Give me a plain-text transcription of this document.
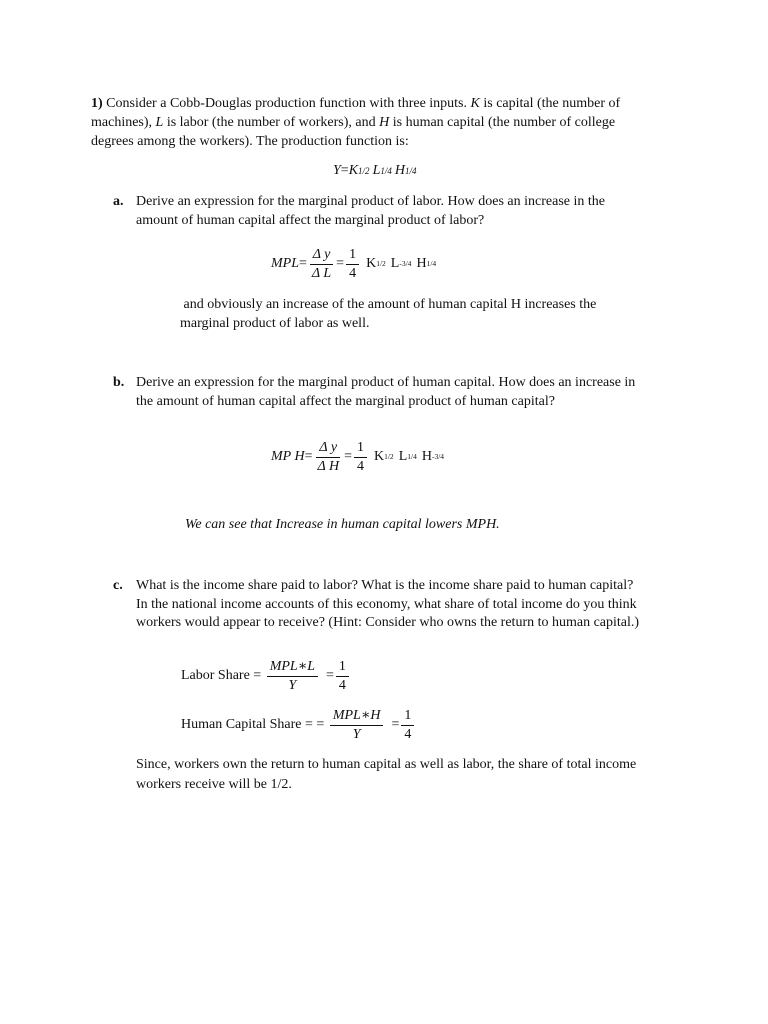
1) Consider a Cobb-Douglas production function with three inputs. K is capital (the number of
machines), L is labor (the number of workers), and H is human capital (the number of college
degrees among the workers). The production function is:
Y = K 1/2 L 1/4 H 1/4
a. Derive an expression for the marginal product of labor. How does an increase in the
amount of human capital affect the marginal product of labor?
MPL = $\frac{\text{Δ y}}{\text{Δ L}} = \frac{1}{4}$ K 1/2 L -3/4 H 1/4
and obviously an increase of the amount of human capital H increases the
marginal product of labor as well.
b. Derive an expression for the marginal product of human capital. How does an increase in
the amount of human capital affect the marginal product of human capital?
MP $H = \frac{\text{Δ y}}{\text{Δ H}} = \frac{1}{4}$ K 1/2 L 1/4 H -3/4
We can see that Increase in human capital lowers MPH.
c. What is the income share paid to labor? What is the income share paid to human capital?
In the national income accounts of this economy, what share of total income do you think
workers would appear to receive? (Hint: Consider who owns the return to human capital.)
Labor Share = $\frac{\text{MPL∗L}}{Y} = \frac{1}{4}$
Human Capital Share = = $\frac{\text{MPL∗H}}{Y} = \frac{1}{4}$
Since, workers own the return to human capital as well as labor, the share of total income
workers receive will be 1/2.
